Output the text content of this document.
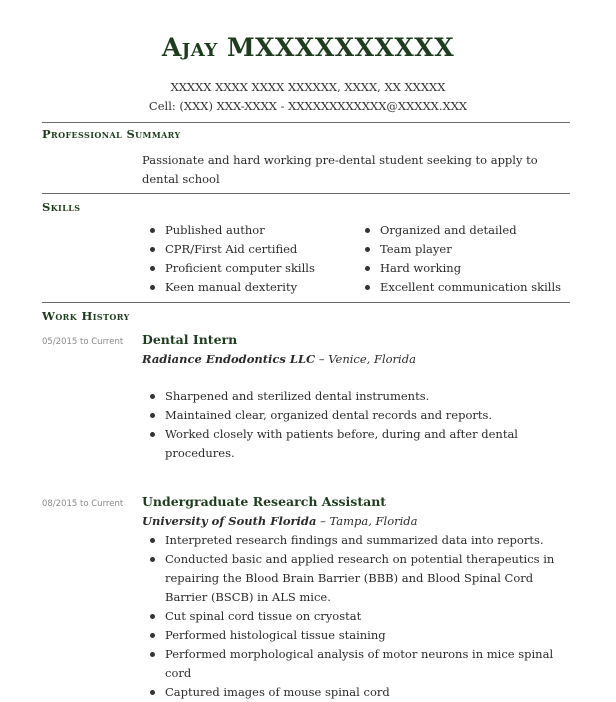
Ajay MXXXXXXXXXX
XXXXX XXXX XXXX XXXXXX, XXXX, XX XXXXX
Cell: (XXX) XXX-XXXX - XXXXXXXXXXXX@XXXXX.XXX
Professional Summary
Passionate and hard working pre-dental student seeking to apply to dental school
Skills
Published author
CPR/First Aid certified
Proficient computer skills
Keen manual dexterity
Organized and detailed
Team player
Hard working
Excellent communication skills
Work History
05/2015 to Current Dental Intern
Radiance Endodontics LLC – Venice, Florida
Sharpened and sterilized dental instruments.
Maintained clear, organized dental records and reports.
Worked closely with patients before, during and after dental procedures.
08/2015 to Current Undergraduate Research Assistant
University of South Florida – Tampa, Florida
Interpreted research findings and summarized data into reports.
Conducted basic and applied research on potential therapeutics in repairing the Blood Brain Barrier (BBB) and Blood Spinal Cord Barrier (BSCB) in ALS mice.
Cut spinal cord tissue on cryostat
Performed histological tissue staining
Performed morphological analysis of motor neurons in mice spinal cord
Captured images of mouse spinal cord
